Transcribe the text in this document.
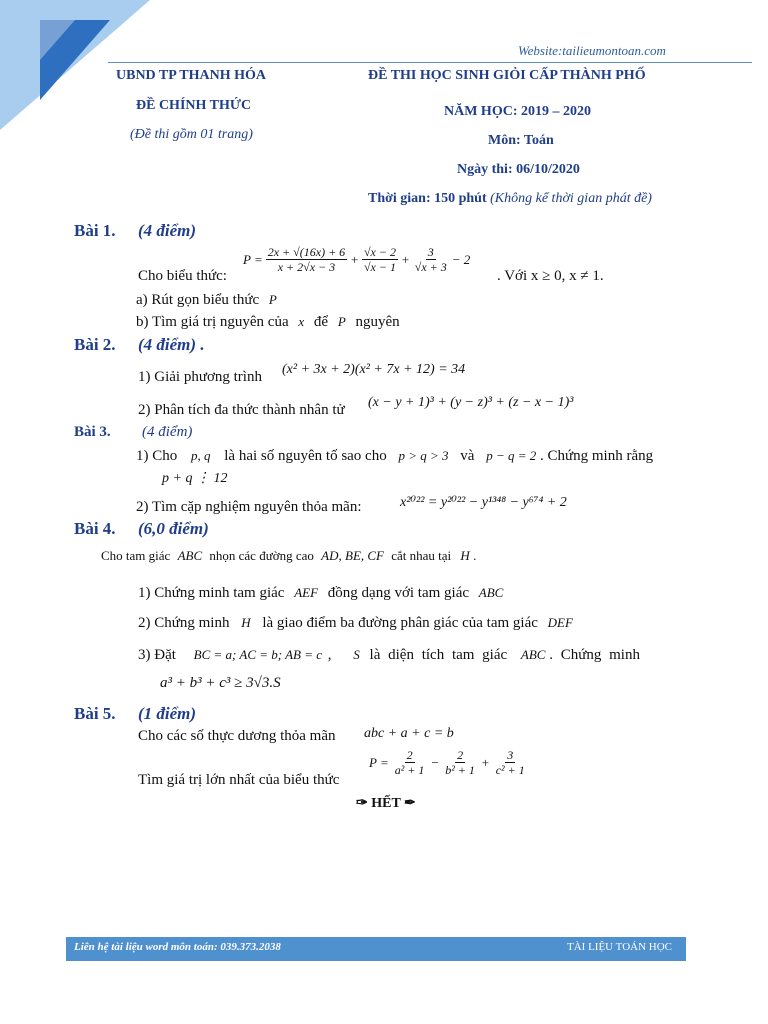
Website:tailieumontoan.com
UBND TP THANH HÓA
ĐỀ CHÍNH THỨC
(Đề thi gồm 01 trang)
ĐỀ THI HỌC SINH GIỎI CẤP THÀNH PHỐ
NĂM HỌC: 2019 – 2020
Môn: Toán
Ngày thi: 06/10/2020
Thời gian: 150 phút (Không kể thời gian phát đề)
Bài 1. (4 điểm)
Cho biểu thức:
$P = \frac{2x + √(16x) + 6}{x + 2√x - 3} + \frac{√x - 2}{√x - 1} + \frac{3}{√x + 3} - 2$
. Với x ≥ 0, x ≠ 1.
a) Rút gọn biểu thức P
b) Tìm giá trị nguyên của x để P nguyên
Bài 2. (4 điểm) .
1) Giải phương trình (x² + 3x + 2)(x² + 7x + 12) = 34
2) Phân tích đa thức thành nhân tử (x − y + 1)³ + (y − z)³ + (z − x − 1)³
Bài 3. (4 điểm)
1) Cho p, q là hai số nguyên tố sao cho p > q > 3 và p − q = 2 . Chứng minh rằng
p + q ⋮ 12
2) Tìm cặp nghiệm nguyên thỏa mãn:	x²⁰²² = y²⁰²² − y¹³⁴⁸ − y⁶⁷⁴ + 2
Bài 4. (6,0 điểm)
Cho tam giác ABC nhọn các đường cao AD, BE, CF cắt nhau tại H .
1) Chứng minh tam giác AEF đồng dạng với tam giác ABC
2) Chứng minh H là giao điểm ba đường phân giác của tam giác DEF
3) Đặt BC = a; AC = b; AB = c , S là diện tích tam giác ABC . Chứng minh
a³ + b³ + c³ ≥ 3√3.S
Bài 5. (1 điểm)
Cho các số thực dương thỏa mãn abc + a + c = b
Tìm giá trị lớn nhất của biểu thức
$P = \frac{2}{\text{a² + 1}} - \frac{2}{\text{b² + 1}} + \frac{3}{\text{c² + 1}}$
✑ HẾT ✒
Liên hệ tài liệu word môn toán: 039.373.2038	TÀI LIỆU TOÁN HỌC
